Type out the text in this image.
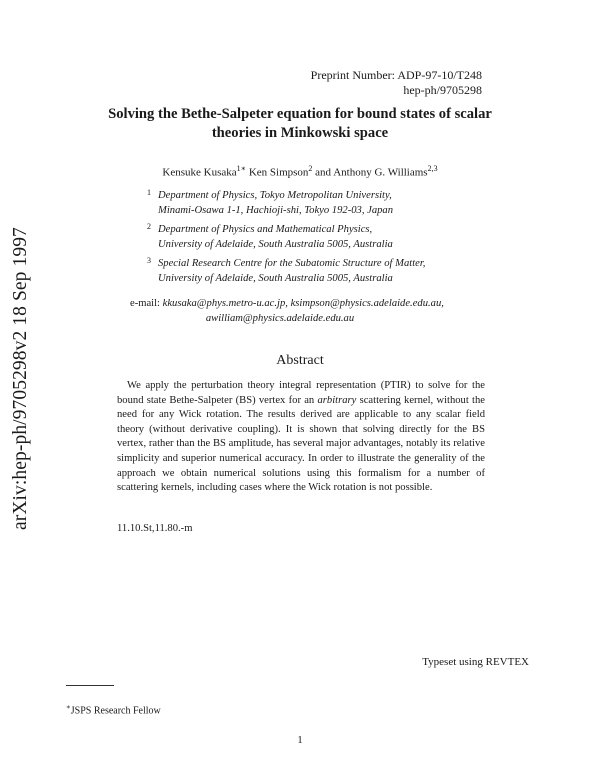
arXiv:hep-ph/9705298v2 18 Sep 1997
Preprint Number: ADP-97-10/T248
hep-ph/9705298
Solving the Bethe-Salpeter equation for bound states of scalar
theories in Minkowski space
Kensuke Kusaka$^{1∗}$ Ken Simpson$^2$ and Anthony G. Williams$^{2,3}$
1 Department of Physics, Tokyo Metropolitan University,
Minami-Osawa 1-1, Hachioji-shi, Tokyo 192-03, Japan
2 Department of Physics and Mathematical Physics,
University of Adelaide, South Australia 5005, Australia
3 Special Research Centre for the Subatomic Structure of Matter,
University of Adelaide, South Australia 5005, Australia
e-mail: kkusaka@phys.metro-u.ac.jp, ksimpson@physics.adelaide.edu.au,
awilliam@physics.adelaide.edu.au
Abstract
We apply the perturbation theory integral representation (PTIR) to solve for the bound state Bethe-Salpeter (BS) vertex for an arbitrary scattering kernel, without the need for any Wick rotation. The results derived are applicable to any scalar field theory (without derivative coupling). It is shown that solving directly for the BS vertex, rather than the BS amplitude, has several major advantages, notably its relative simplicity and superior numerical accuracy. In order to illustrate the generality of the approach we obtain numerical solutions using this formalism for a number of scattering kernels, including cases where the Wick rotation is not possible.
11.10.St,11.80.-m
Typeset using REVTEX
∗JSPS Research Fellow
1
